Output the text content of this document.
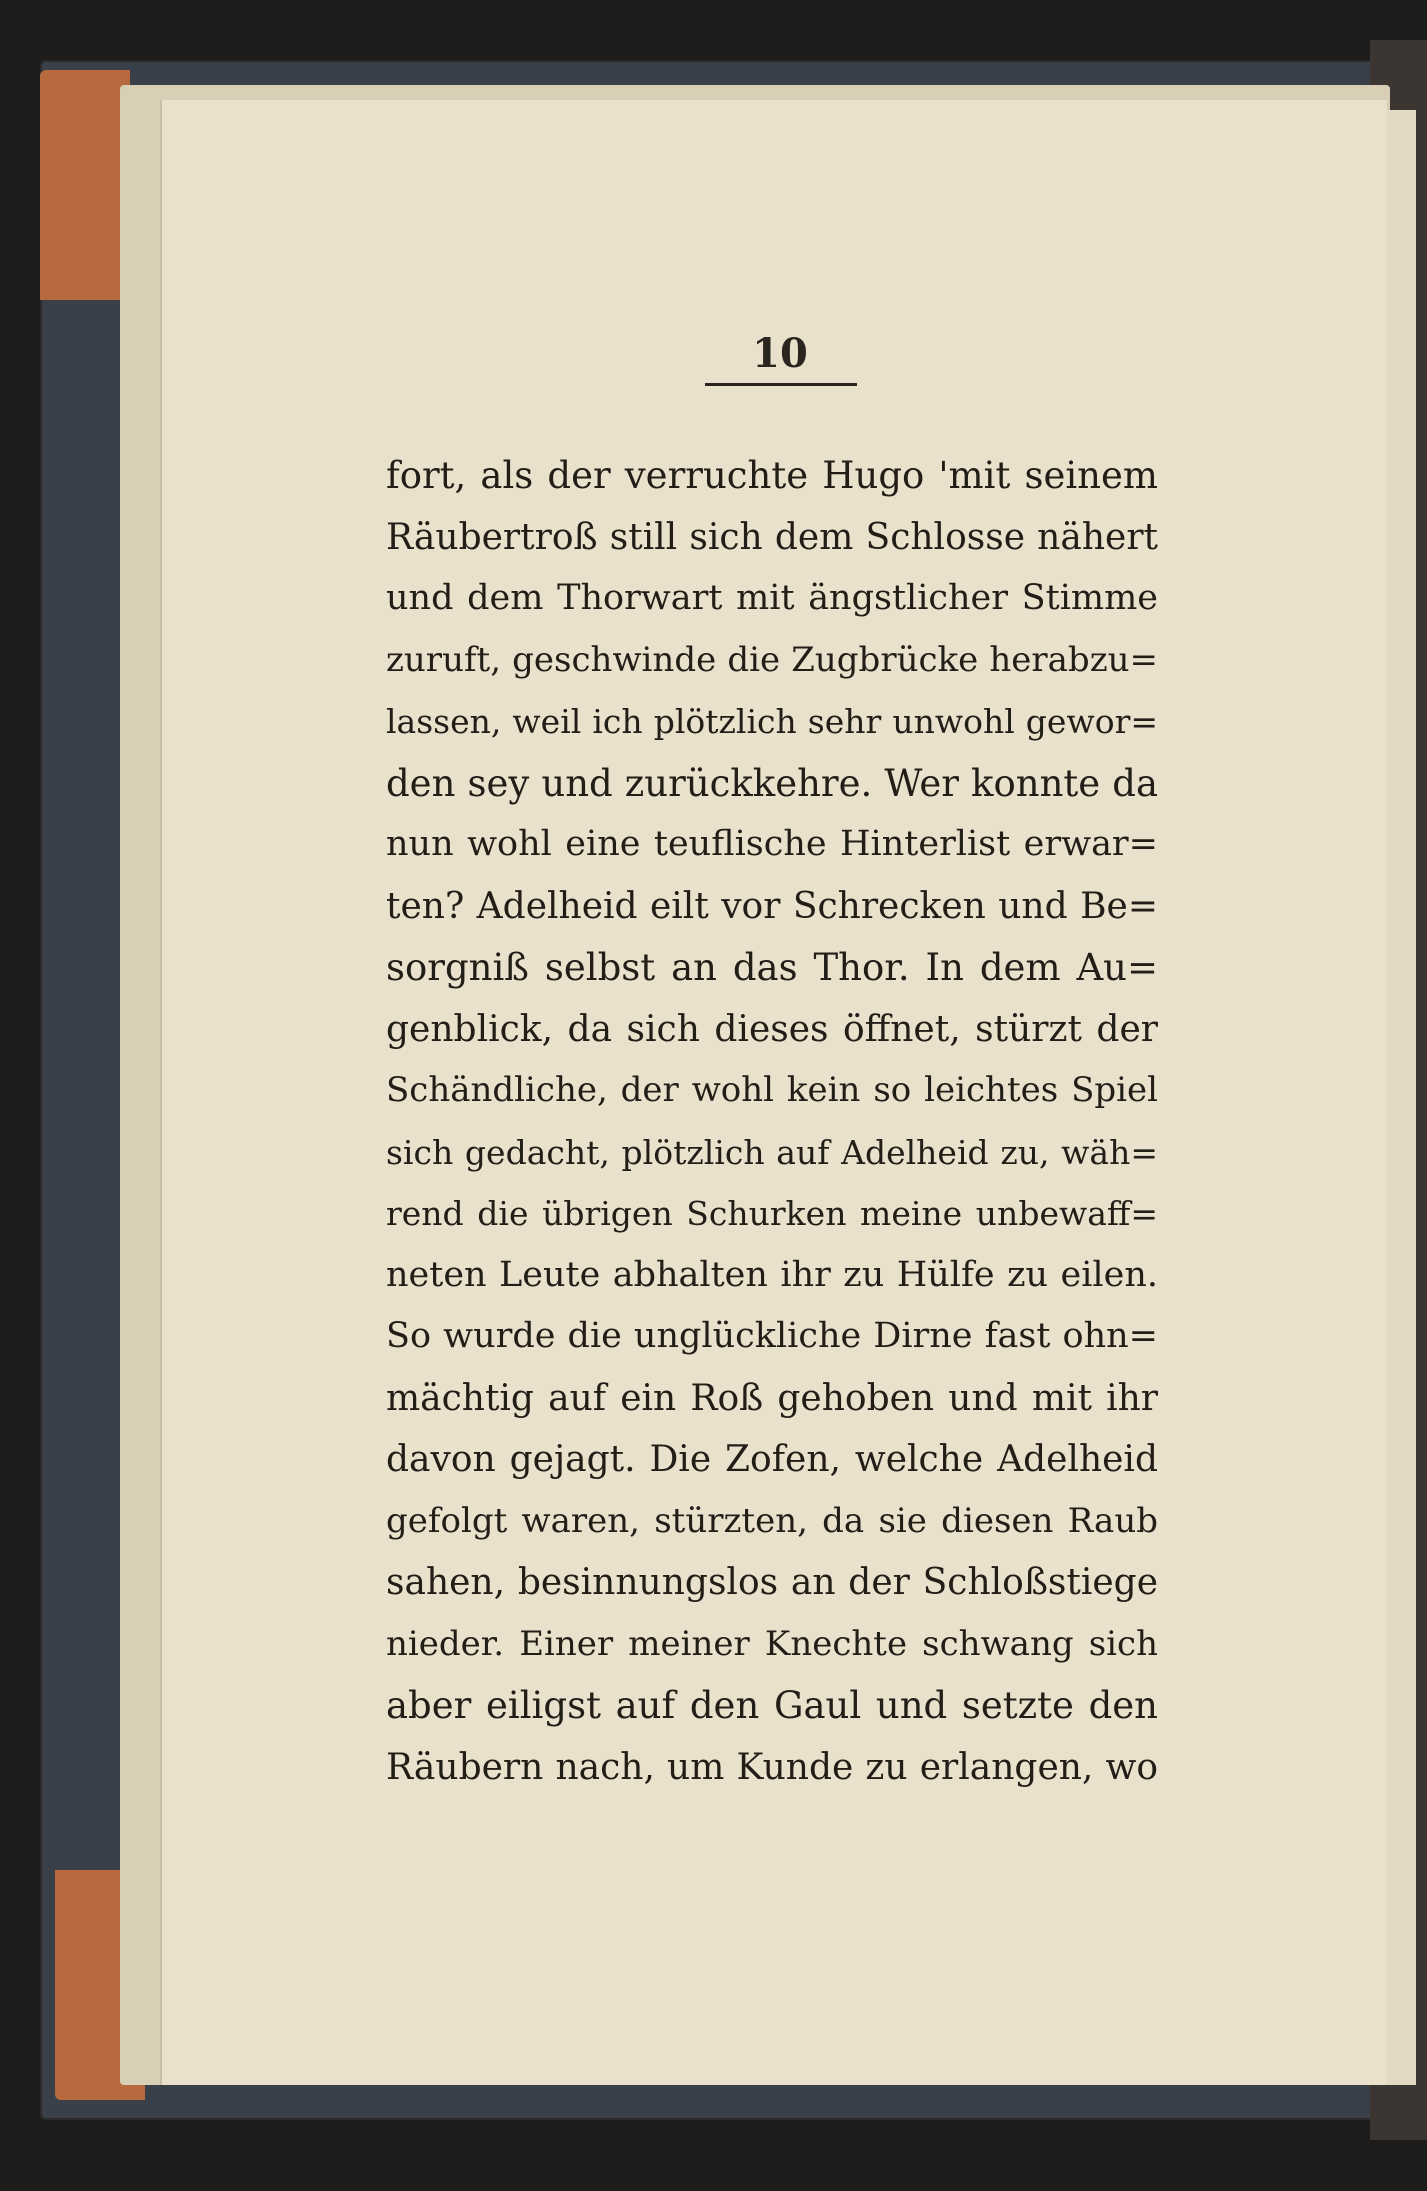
10
fort, als der verruchte Hugo 'mit seinem
Räubertroß still sich dem Schlosse nähert
und dem Thorwart mit ängstlicher Stimme
zuruft, geschwinde die Zugbrücke herabzu=
lassen, weil ich plötzlich sehr unwohl gewor=
den sey und zurückkehre. Wer konnte da
nun wohl eine teuflische Hinterlist erwar=
ten? Adelheid eilt vor Schrecken und Be=
sorgniß selbst an das Thor. In dem Au=
genblick, da sich dieses öffnet, stürzt der
Schändliche, der wohl kein so leichtes Spiel
sich gedacht, plötzlich auf Adelheid zu, wäh=
rend die übrigen Schurken meine unbewaff=
neten Leute abhalten ihr zu Hülfe zu eilen.
So wurde die unglückliche Dirne fast ohn=
mächtig auf ein Roß gehoben und mit ihr
davon gejagt. Die Zofen, welche Adelheid
gefolgt waren, stürzten, da sie diesen Raub
sahen, besinnungslos an der Schloßstiege
nieder. Einer meiner Knechte schwang sich
aber eiligst auf den Gaul und setzte den
Räubern nach, um Kunde zu erlangen, wo
